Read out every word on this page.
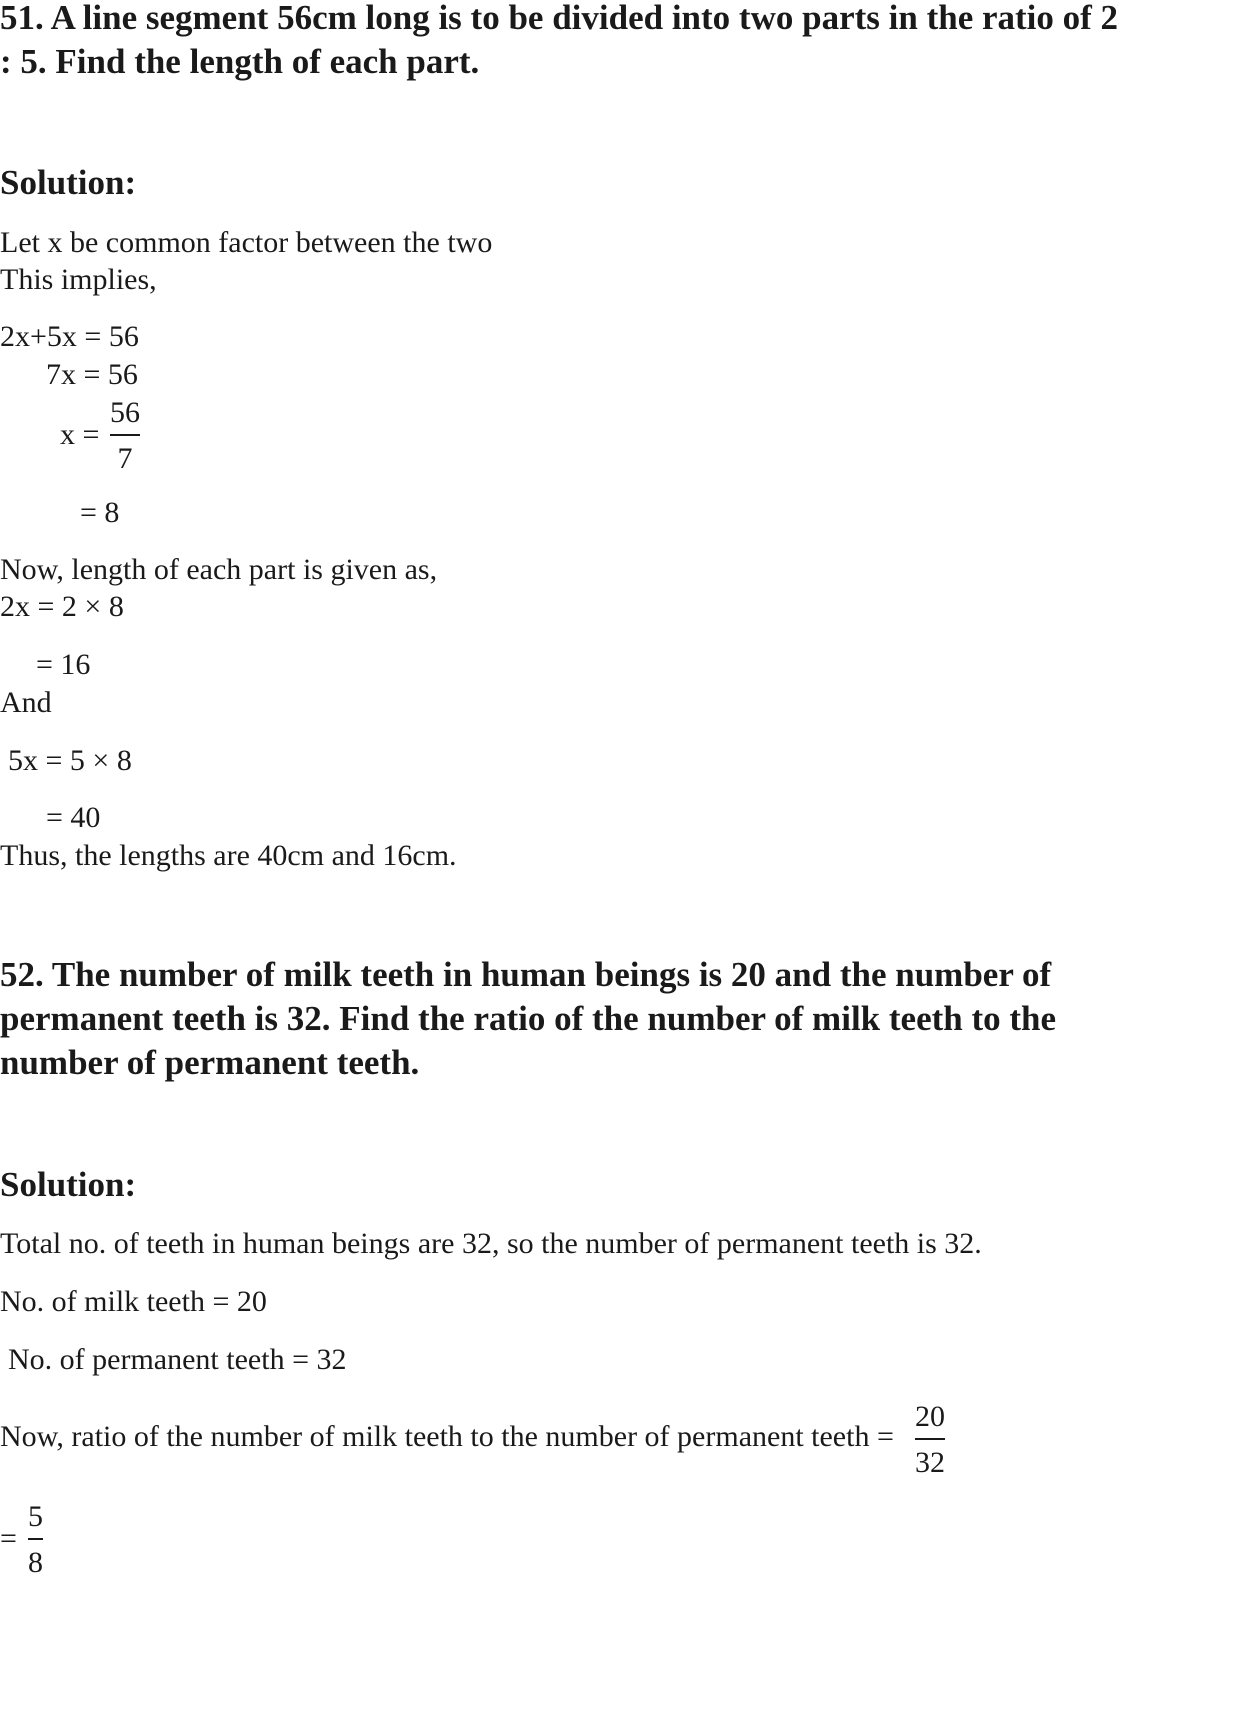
51. A line segment 56cm long is to be divided into two parts in the ratio of 2
: 5. Find the length of each part.
Solution:
Let x be common factor between the two
This implies,
2x+5x = 56
7x = 56
x =
56
7
= 8
Now, length of each part is given as,
2x = 2 × 8
= 16
And
5x = 5 × 8
= 40
Thus, the lengths are 40cm and 16cm.
52. The number of milk teeth in human beings is 20 and the number of
permanent teeth is 32. Find the ratio of the number of milk teeth to the
number of permanent teeth.
Solution:
Total no. of teeth in human beings are 32, so the number of permanent teeth is 32.
No. of milk teeth = 20
No. of permanent teeth = 32
Now, ratio of the number of milk teeth to the number of permanent teeth =
20
32
=
5
8
